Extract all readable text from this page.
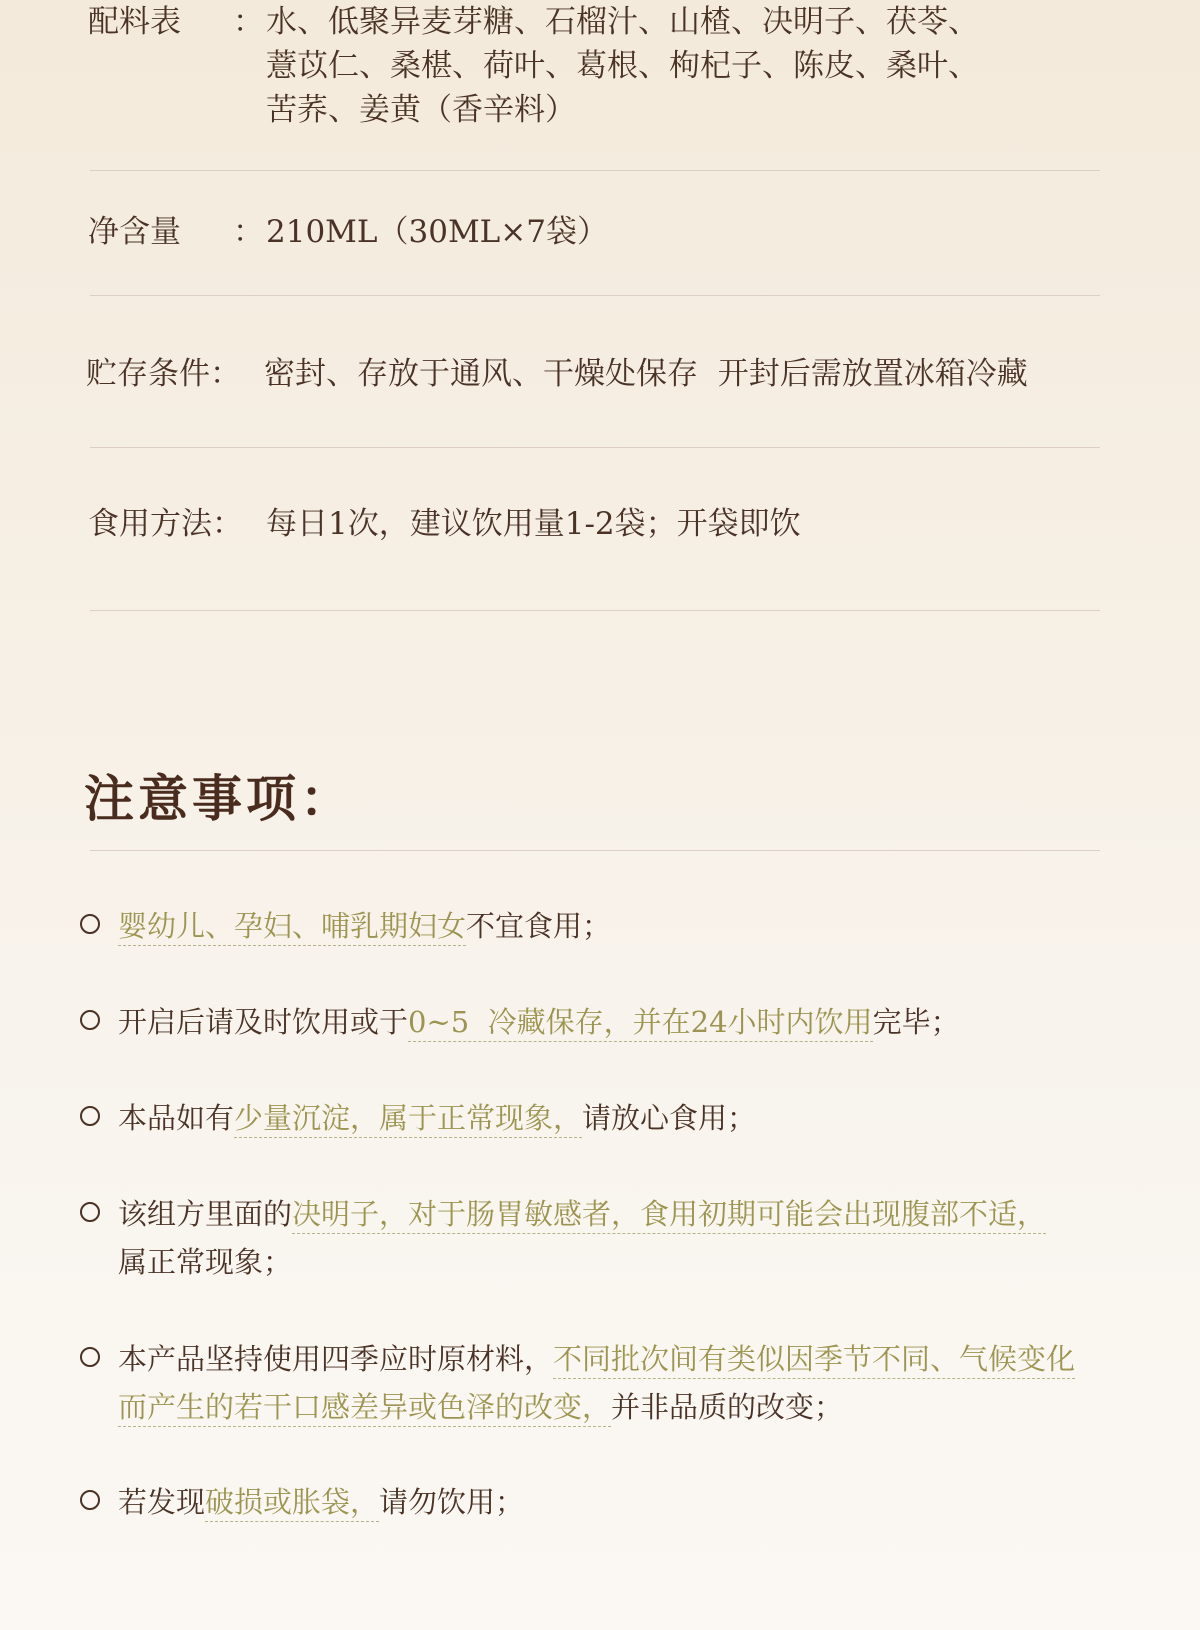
配料表 ： 水、低聚异麦芽糖、石榴汁、山楂、决明子、茯苓、
薏苡仁、桑椹、荷叶、葛根、枸杞子、陈皮、桑叶、
苦荞、姜黄（香辛料）
净含量 ： 210ML（30ML×7袋）
贮存条件： 密封、存放于通风、干燥处保存  开封后需放置冰箱冷藏
食用方法： 每日1次，建议饮用量1-2袋；开袋即饮
注意事项：
婴幼儿、孕妇、哺乳期妇女不宜食用；
开启后请及时饮用或于0~5  冷藏保存，并在24小时内饮用完毕；
本品如有少量沉淀，属于正常现象，请放心食用；
该组方里面的决明子，对于肠胃敏感者，食用初期可能会出现腹部不适，
属正常现象；
本产品坚持使用四季应时原材料，不同批次间有类似因季节不同、气候变化
而产生的若干口感差异或色泽的改变，并非品质的改变；
若发现破损或胀袋，请勿饮用；
